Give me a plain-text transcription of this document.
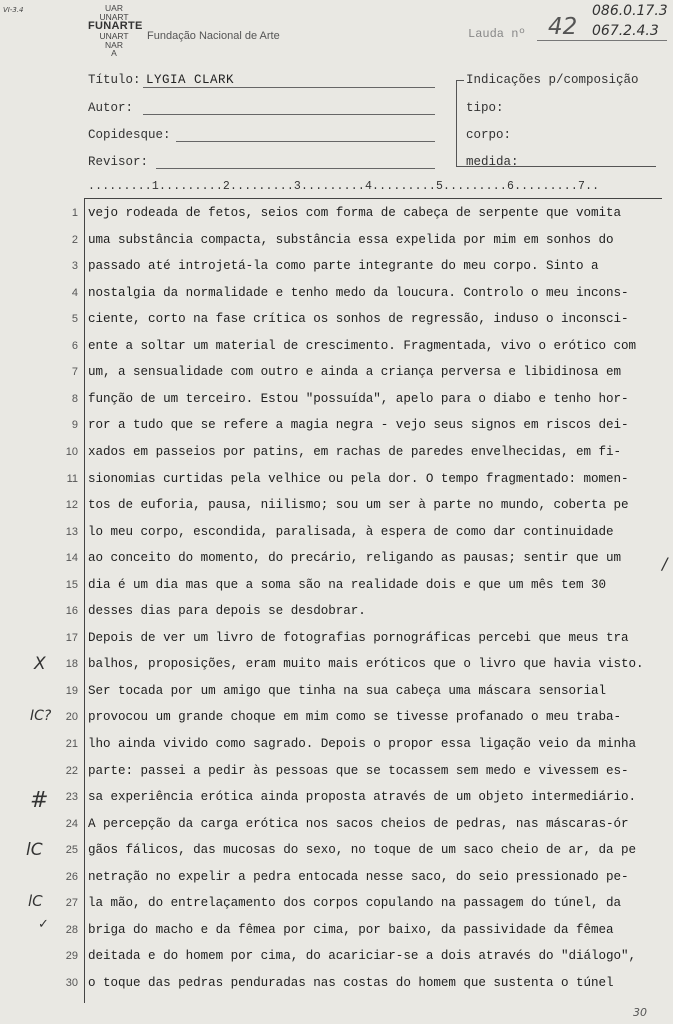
VI-3.4	UAR
UNART
FUNARTE
UNART
NAR
A
Fundação Nacional de Arte	Lauda nº 42
086.0.17.3
067.2.4.3
Título: LYGIA CLARK
Autor:
Copidesque:
Revisor:
Indicações p/composição
tipo:
corpo:
medida:
.........1.........2.........3.........4.........5.........6.........7..
1 vejo rodeada de fetos, seios com forma de cabeça de serpente que vomita
2 uma substância compacta, substância essa expelida por mim em sonhos do
3 passado até introjetá-la como parte integrante do meu corpo. Sinto a
4 nostalgia da normalidade e tenho medo da loucura. Controlo o meu incons-
5 ciente, corto na fase crítica os sonhos de regressão, induso o inconsci-
6 ente a soltar um material de crescimento. Fragmentada, vivo o erótico com
7 um, a sensualidade com outro e ainda a criança perversa e libidinosa em
8 função de um terceiro. Estou "possuída", apelo para o diabo e tenho hor-
9 ror a tudo que se refere a magia negra - vejo seus signos em riscos dei-
10 xados em passeios por patins, em rachas de paredes envelhecidas, em fi-
11 sionomias curtidas pela velhice ou pela dor. O tempo fragmentado: momen-
12 tos de euforia, pausa, niilismo; sou um ser à parte no mundo, coberta pe
13 lo meu corpo, escondida, paralisada, à espera de como dar continuidade
14 ao conceito do momento, do precário, religando as pausas; sentir que um
15 dia é um dia mas que a soma são na realidade dois e que um mês tem 30
16 desses dias para depois se desdobrar.
17 Depois de ver um livro de fotografias pornográficas percebi que meus tra
18 balhos, proposições, eram muito mais eróticos que o livro que havia visto.
19 Ser tocada por um amigo que tinha na sua cabeça uma máscara sensorial
20 provocou um grande choque em mim como se tivesse profanado o meu traba-
21 lho ainda vivido como sagrado. Depois o propor essa ligação veio da minha
22 parte: passei a pedir às pessoas que se tocassem sem medo e vivessem es-
23 sa experiência erótica ainda proposta através de um objeto intermediário.
24 A percepção da carga erótica nos sacos cheios de pedras, nas máscaras-ór
25 gãos fálicos, das mucosas do sexo, no toque de um saco cheio de ar, da pe
26 netração no expelir a pedra entocada nesse saco, do seio pressionado pe-
27 la mão, do entrelaçamento dos corpos copulando na passagem do túnel, da
28 briga do macho e da fêmea por cima, por baixo, da passividade da fêmea
29 deitada e do homem por cima, do acariciar-se a dois através do "diálogo",
30 o toque das pedras penduradas nas costas do homem que sustenta o túnel
X
IC?
#
lC
lC
✓
/
30
